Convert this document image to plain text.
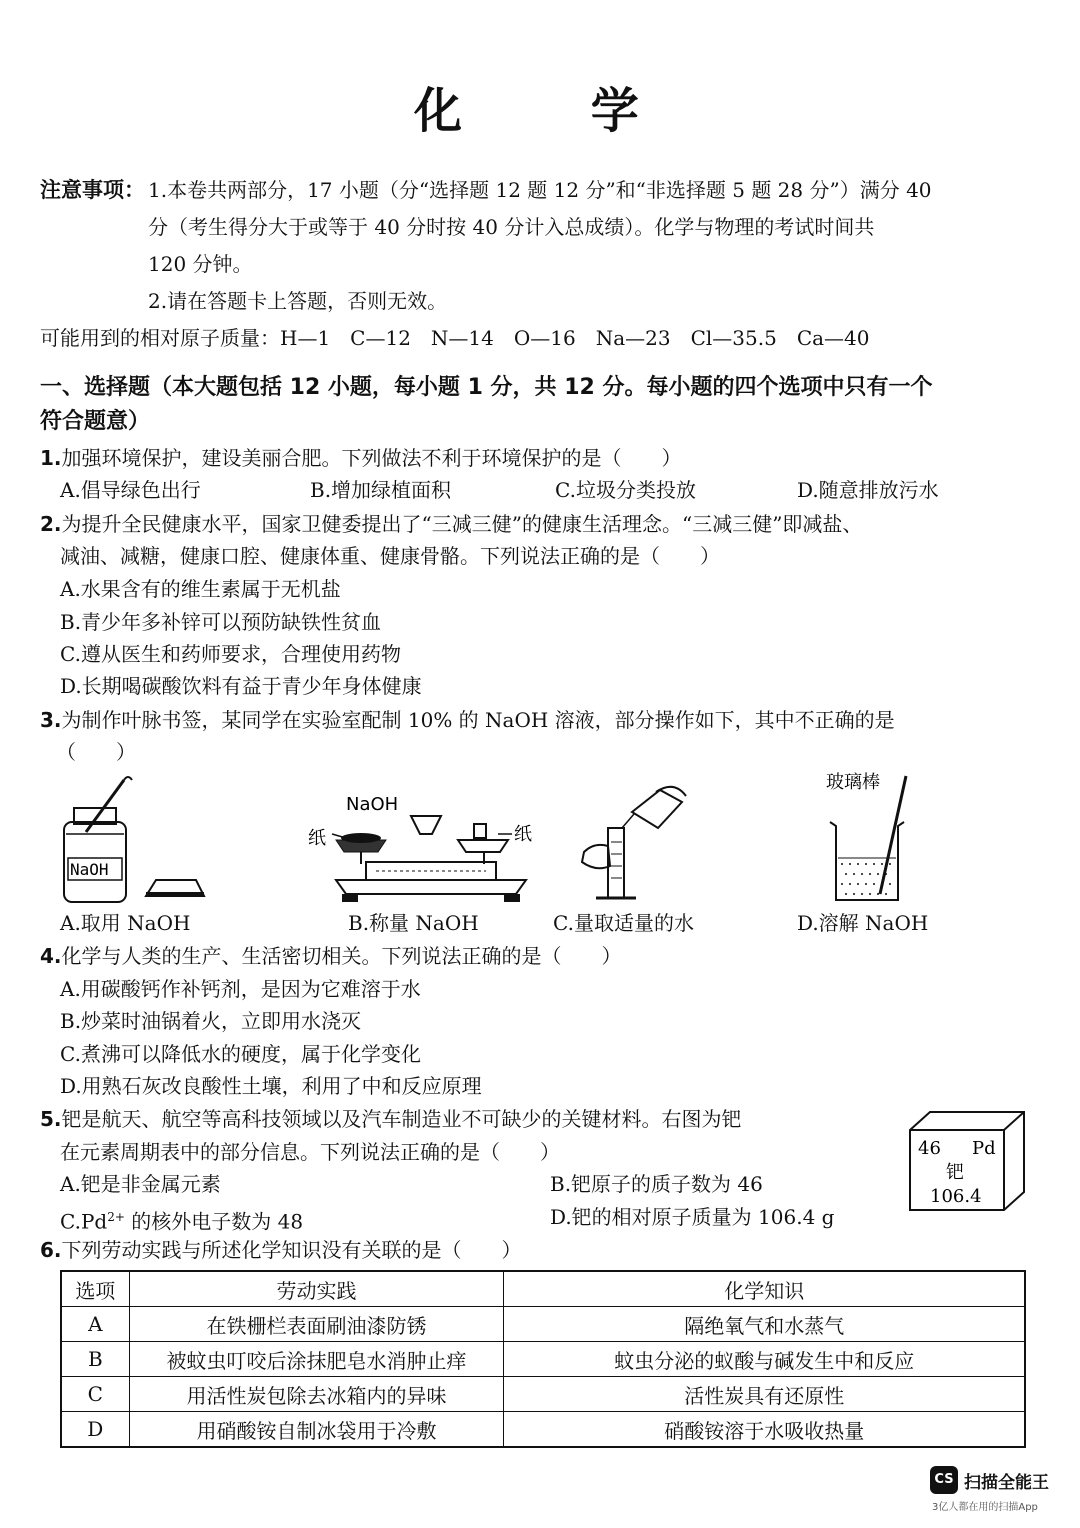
化 学
注意事项： 1.本卷共两部分，17 小题（分“选择题 12 题 12 分”和“非选择题 5 题 28 分”）满分 40
分（考生得分大于或等于 40 分时按 40 分计入总成绩）。化学与物理的考试时间共
120 分钟。
2.请在答题卡上答题，否则无效。
可能用到的相对原子质量：H—1　C—12　N—14　O—16　Na—23　Cl—35.5　Ca—40
一、选择题（本大题包括 12 小题，每小题 1 分，共 12 分。每小题的四个选项中只有一个
符合题意）
1.加强环境保护，建设美丽合肥。下列做法不利于环境保护的是（　　）
A.倡导绿色出行	B.增加绿植面积	C.垃圾分类投放	D.随意排放污水
2.为提升全民健康水平，国家卫健委提出了“三减三健”的健康生活理念。“三减三健”即减盐、
减油、减糖，健康口腔、健康体重、健康骨骼。下列说法正确的是（　　）
A.水果含有的维生素属于无机盐
B.青少年多补锌可以预防缺铁性贫血
C.遵从医生和药师要求，合理使用药物
D.长期喝碳酸饮料有益于青少年身体健康
3.为制作叶脉书签，某同学在实验室配制 10% 的 NaOH 溶液，部分操作如下，其中不正确的是
（　　）
NaOH
NaOH
纸	纸
玻璃棒
A.取用 NaOH	B.称量 NaOH	C.量取适量的水	D.溶解 NaOH
4.化学与人类的生产、生活密切相关。下列说法正确的是（　　）
A.用碳酸钙作补钙剂，是因为它难溶于水
B.炒菜时油锅着火，立即用水浇灭
C.煮沸可以降低水的硬度，属于化学变化
D.用熟石灰改良酸性土壤，利用了中和反应原理
5.钯是航天、航空等高科技领域以及汽车制造业不可缺少的关键材料。右图为钯
在元素周期表中的部分信息。下列说法正确的是（　　）
A.钯是非金属元素	B.钯原子的质子数为 46
$C.Pd^{2+}$ 的核外电子数为 48	D.钯的相对原子质量为 106.4 g
46 Pd
钯
106.4
6.下列劳动实践与所述化学知识没有关联的是（　　）
选项	劳动实践	化学知识
A	在铁栅栏表面刷油漆防锈	隔绝氧气和水蒸气
B	被蚊虫叮咬后涂抹肥皂水消肿止痒	蚊虫分泌的蚁酸与碱发生中和反应
C	用活性炭包除去冰箱内的异味	活性炭具有还原性
D	用硝酸铵自制冰袋用于冷敷	硝酸铵溶于水吸收热量
CS 扫描全能王
3亿人都在用的扫描App
